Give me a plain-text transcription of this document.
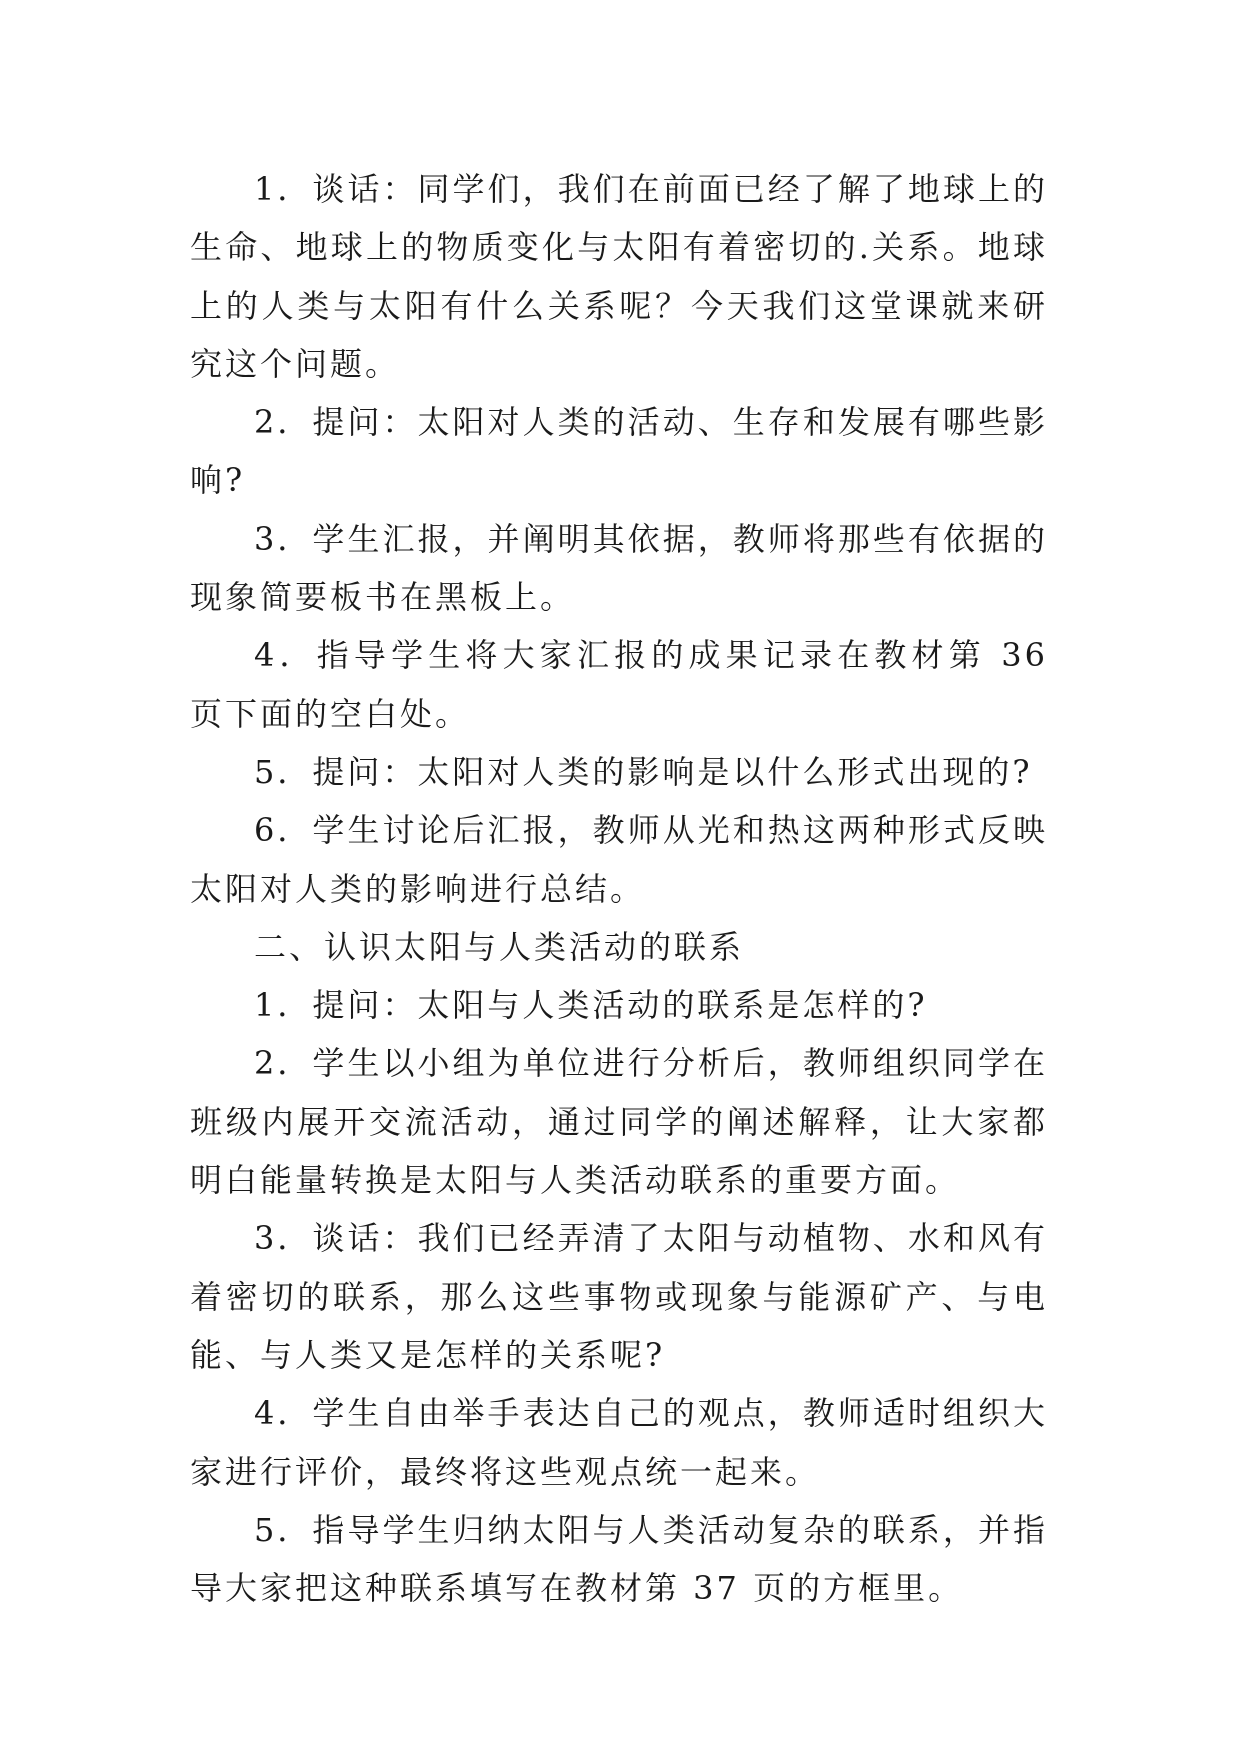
1．谈话：同学们，我们在前面已经了解了地球上的生命、地球上的物质变化与太阳有着密切的.关系。地球上的人类与太阳有什么关系呢？今天我们这堂课就来研究这个问题。

2．提问：太阳对人类的活动、生存和发展有哪些影响?

3．学生汇报，并阐明其依据，教师将那些有依据的现象简要板书在黑板上。

4．指导学生将大家汇报的成果记录在教材第 36 页下面的空白处。

5．提问：太阳对人类的影响是以什么形式出现的?

6．学生讨论后汇报，教师从光和热这两种形式反映太阳对人类的影响进行总结。

二、认识太阳与人类活动的联系

1．提问：太阳与人类活动的联系是怎样的?

2．学生以小组为单位进行分析后，教师组织同学在班级内展开交流活动，通过同学的阐述解释，让大家都明白能量转换是太阳与人类活动联系的重要方面。

3．谈话：我们已经弄清了太阳与动植物、水和风有着密切的联系，那么这些事物或现象与能源矿产、与电能、与人类又是怎样的关系呢?

4．学生自由举手表达自己的观点，教师适时组织大家进行评价，最终将这些观点统一起来。

5．指导学生归纳太阳与人类活动复杂的联系，并指导大家把这种联系填写在教材第 37 页的方框里。
